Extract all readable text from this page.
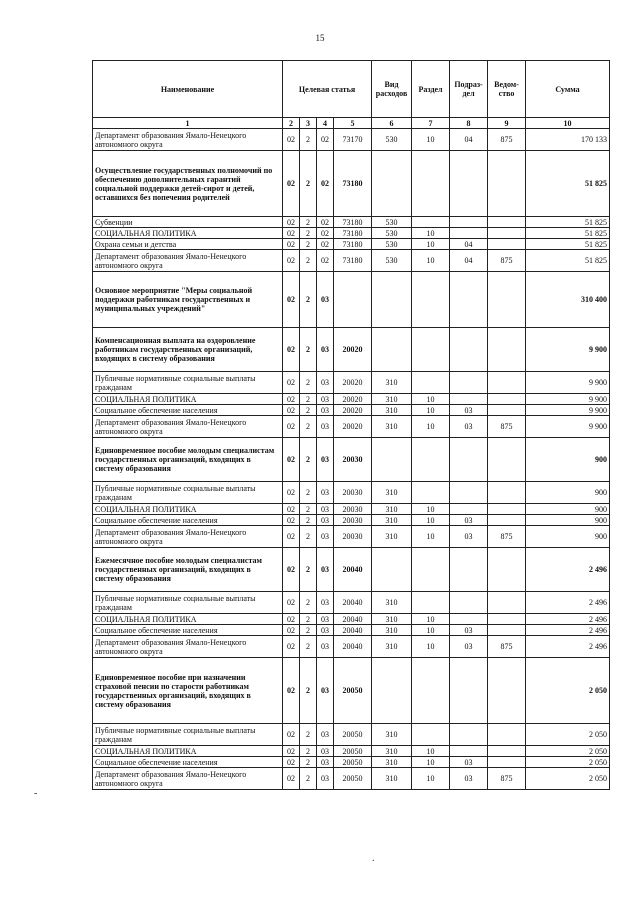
15
Наименование	Целевая статья				Вид расходов	Раздел	Подраз-дел	Ведом-ство	Сумма
1	2	3	4	5	6	7	8	9	10
Департамент образования Ямало-Ненецкого автономного округа	02	2	02	73170	530	10	04	875	170 133
Осуществление государственных полномочий по обеспечению дополнительных гарантий социальной поддержки детей-сирот и детей, оставшихся без попечения родителей	02	2	02	73180					51 825
Субвенции	02	2	02	73180	530				51 825
СОЦИАЛЬНАЯ ПОЛИТИКА	02	2	02	73180	530	10			51 825
Охрана семьи и детства	02	2	02	73180	530	10	04		51 825
Департамент образования Ямало-Ненецкого автономного округа	02	2	02	73180	530	10	04	875	51 825
Основное мероприятие "Меры социальной поддержки работникам государственных и муниципальных учреждений"	02	2	03						310 400
Компенсационная выплата на оздоровление работникам государственных организаций, входящих в систему образования	02	2	03	20020					9 900
Публичные нормативные социальные выплаты гражданам	02	2	03	20020	310				9 900
СОЦИАЛЬНАЯ ПОЛИТИКА	02	2	03	20020	310	10			9 900
Социальное обеспечение населения	02	2	03	20020	310	10	03		9 900
Департамент образования Ямало-Ненецкого автономного округа	02	2	03	20020	310	10	03	875	9 900
Единовременное пособие молодым специалистам государственных организаций, входящих в систему образования	02	2	03	20030					900
Публичные нормативные социальные выплаты гражданам	02	2	03	20030	310				900
СОЦИАЛЬНАЯ ПОЛИТИКА	02	2	03	20030	310	10			900
Социальное обеспечение населения	02	2	03	20030	310	10	03		900
Департамент образования Ямало-Ненецкого автономного округа	02	2	03	20030	310	10	03	875	900
Ежемесячное пособие молодым специалистам государственных организаций, входящих в систему образования	02	2	03	20040					2 496
Публичные нормативные социальные выплаты гражданам	02	2	03	20040	310				2 496
СОЦИАЛЬНАЯ ПОЛИТИКА	02	2	03	20040	310	10			2 496
Социальное обеспечение населения	02	2	03	20040	310	10	03		2 496
Департамент образования Ямало-Ненецкого автономного округа	02	2	03	20040	310	10	03	875	2 496
Единовременное пособие при назначении страховой пенсии по старости работникам государственных организаций, входящих в систему образования	02	2	03	20050					2 050
Публичные нормативные социальные выплаты гражданам	02	2	03	20050	310				2 050
СОЦИАЛЬНАЯ ПОЛИТИКА	02	2	03	20050	310	10			2 050
Социальное обеспечение населения	02	2	03	20050	310	10	03		2 050
Департамент образования Ямало-Ненецкого автономного округа	02	2	03	20050	310	10	03	875	2 050
-
.
